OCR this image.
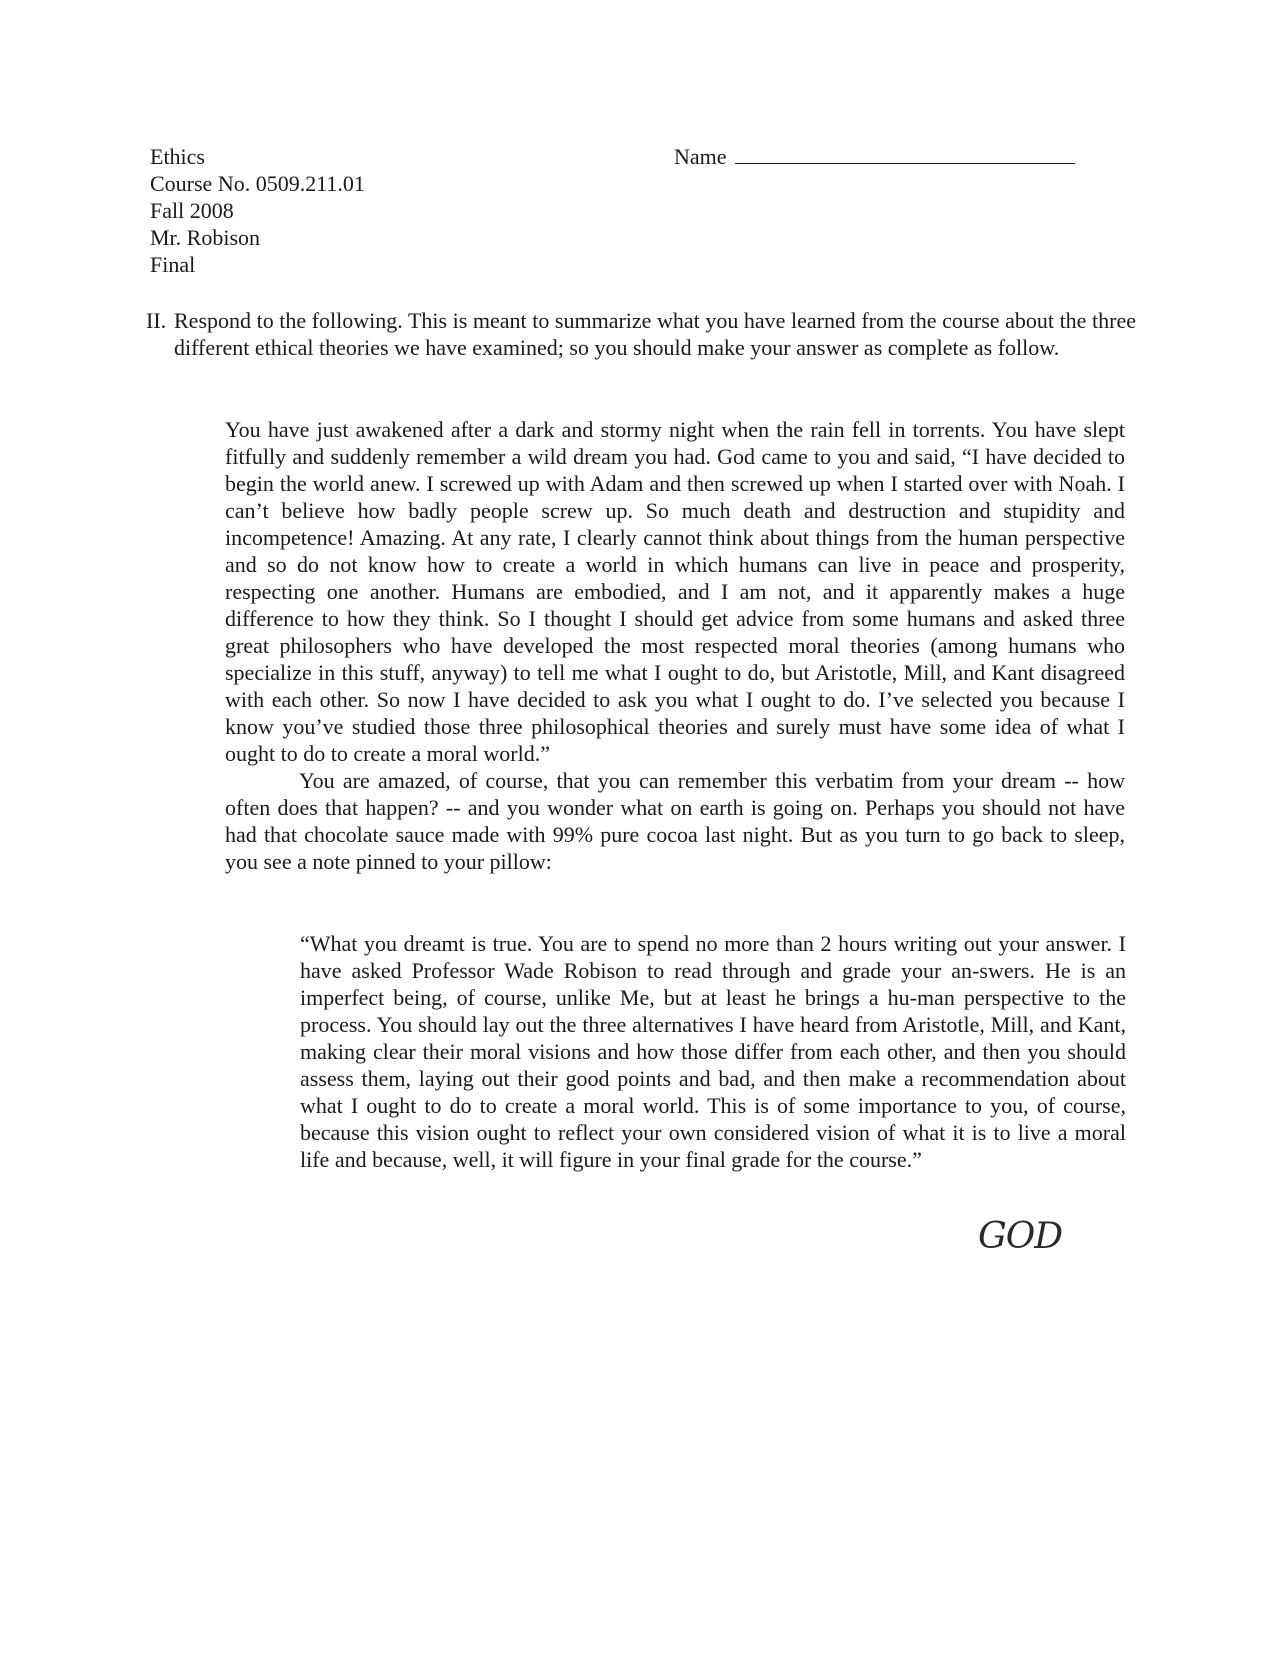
Ethics
Course No. 0509.211.01
Fall 2008
Mr. Robison
Final
Name
II. Respond to the following. This is meant to summarize what you have learned from the course about the three different ethical theories we have examined; so you should make your answer as complete as follow.

You have just awakened after a dark and stormy night when the rain fell in torrents. You have slept fitfully and suddenly remember a wild dream you had. God came to you and said, “I have decided to begin the world anew. I screwed up with Adam and then screwed up when I started over with Noah. I can’t believe how badly people screw up. So much death and destruction and stupidity and incompetence! Amazing. At any rate, I clearly cannot think about things from the human perspective and so do not know how to create a world in which humans can live in peace and prosperity, respecting one another. Humans are embodied, and I am not, and it apparently makes a huge difference to how they think. So I thought I should get advice from some humans and asked three great philosophers who have developed the most respected moral theories (among humans who specialize in this stuff, anyway) to tell me what I ought to do, but Aristotle, Mill, and Kant disagreed with each other. So now I have decided to ask you what I ought to do. I’ve selected you because I know you’ve studied those three philosophical theories and surely must have some idea of what I ought to do to create a moral world.”

You are amazed, of course, that you can remember this verbatim from your dream -- how often does that happen? -- and you wonder what on earth is going on. Perhaps you should not have had that chocolate sauce made with 99% pure cocoa last night. But as you turn to go back to sleep, you see a note pinned to your pillow:

“What you dreamt is true. You are to spend no more than 2 hours writing out your answer. I have asked Professor Wade Robison to read through and grade your an-swers. He is an imperfect being, of course, unlike Me, but at least he brings a hu-man perspective to the process. You should lay out the three alternatives I have heard from Aristotle, Mill, and Kant, making clear their moral visions and how those differ from each other, and then you should assess them, laying out their good points and bad, and then make a recommendation about what I ought to do to create a moral world. This is of some importance to you, of course, because this vision ought to reflect your own considered vision of what it is to live a moral life and because, well, it will figure in your final grade for the course.”

GOD
